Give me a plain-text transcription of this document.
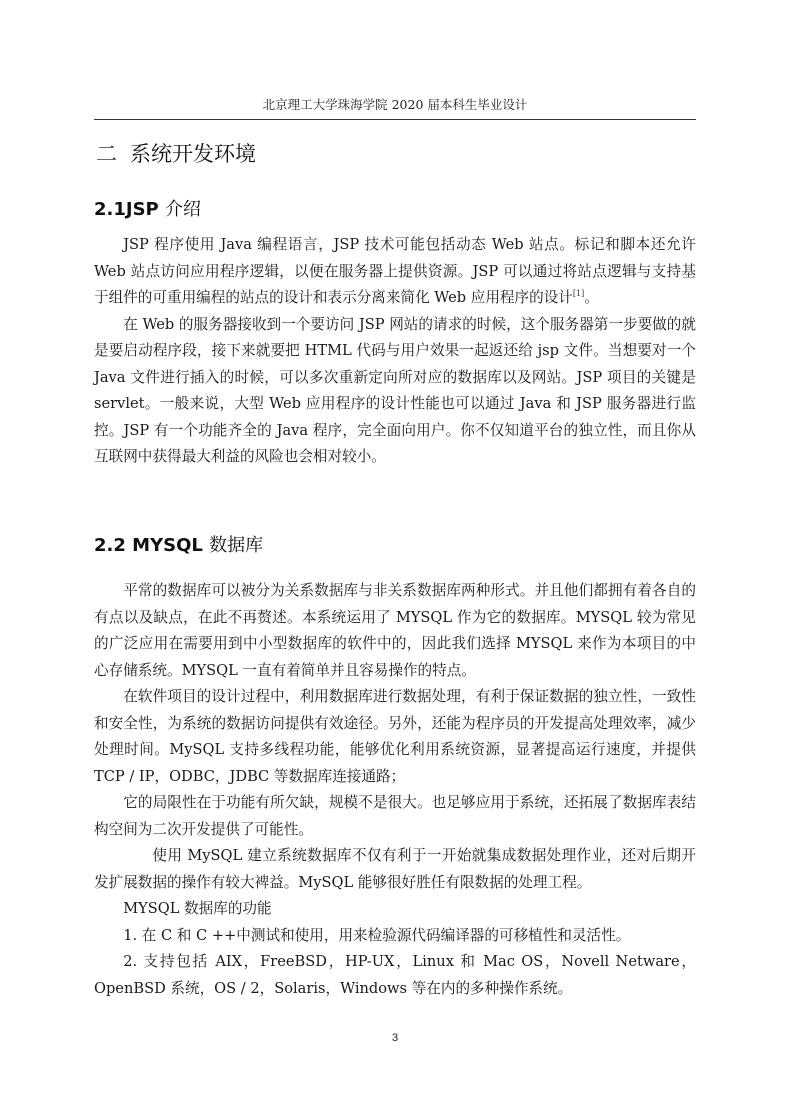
北京理工大学珠海学院 2020 届本科生毕业设计
二 系统开发环境
2.1JSP 介绍

JSP 程序使用 Java 编程语言，JSP 技术可能包括动态 Web 站点。标记和脚本还允许 Web 站点访问应用程序逻辑，以便在服务器上提供资源。JSP 可以通过将站点逻辑与支持基于组件的可重用编程的站点的设计和表示分离来简化 Web 应用程序的设计[1]。

在 Web 的服务器接收到一个要访问 JSP 网站的请求的时候，这个服务器第一步要做的就是要启动程序段，接下来就要把 HTML 代码与用户效果一起返还给 jsp 文件。当想要对一个 Java 文件进行插入的时候，可以多次重新定向所对应的数据库以及网站。JSP 项目的关键是 servlet。一般来说，大型 Web 应用程序的设计性能也可以通过 Java 和 JSP 服务器进行监控。JSP 有一个功能齐全的 Java 程序，完全面向用户。你不仅知道平台的独立性，而且你从互联网中获得最大利益的风险也会相对较小。

2.2 MYSQL 数据库

平常的数据库可以被分为关系数据库与非关系数据库两种形式。并且他们都拥有着各自的有点以及缺点，在此不再赘述。本系统运用了 MYSQL 作为它的数据库。MYSQL 较为常见的广泛应用在需要用到中小型数据库的软件中的，因此我们选择 MYSQL 来作为本项目的中心存储系统。MYSQL 一直有着简单并且容易操作的特点。

在软件项目的设计过程中，利用数据库进行数据处理，有利于保证数据的独立性，一致性和安全性，为系统的数据访问提供有效途径。另外，还能为程序员的开发提高处理效率，减少处理时间。MySQL 支持多线程功能，能够优化利用系统资源，显著提高运行速度，并提供 TCP / IP，ODBC，JDBC 等数据库连接通路；

它的局限性在于功能有所欠缺，规模不是很大。也足够应用于系统，还拓展了数据库表结构空间为二次开发提供了可能性。

使用 MySQL 建立系统数据库不仅有利于一开始就集成数据处理作业，还对后期开发扩展数据的操作有较大裨益。MySQL 能够很好胜任有限数据的处理工程。

MYSQL 数据库的功能

1. 在 C 和 C ++中测试和使用，用来检验源代码编译器的可移植性和灵活性。

2. 支持包括 AIX，FreeBSD，HP-UX，Linux 和 Mac OS，Novell Netware，OpenBSD 系统，OS / 2，Solaris，Windows 等在内的多种操作系统。

3
